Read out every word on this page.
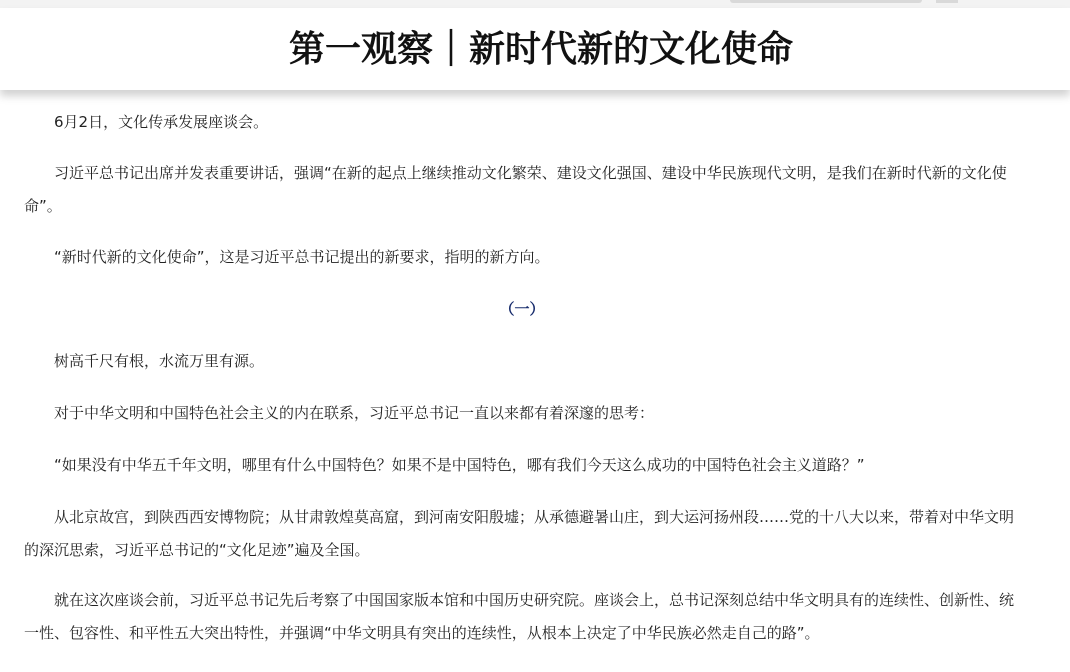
第一观察｜新时代新的文化使命

6月2日，文化传承发展座谈会。

习近平总书记出席并发表重要讲话，强调“在新的起点上继续推动文化繁荣、建设文化强国、建设中华民族现代文明，是我们在新时代新的文化使命”。

“新时代新的文化使命”，这是习近平总书记提出的新要求，指明的新方向。

（一）

树高千尺有根，水流万里有源。

对于中华文明和中国特色社会主义的内在联系，习近平总书记一直以来都有着深邃的思考：

“如果没有中华五千年文明，哪里有什么中国特色？如果不是中国特色，哪有我们今天这么成功的中国特色社会主义道路？”

从北京故宫，到陕西西安博物院；从甘肃敦煌莫高窟，到河南安阳殷墟；从承德避暑山庄，到大运河扬州段……党的十八大以来，带着对中华文明的深沉思索，习近平总书记的“文化足迹”遍及全国。

就在这次座谈会前，习近平总书记先后考察了中国国家版本馆和中国历史研究院。座谈会上，总书记深刻总结中华文明具有的连续性、创新性、统一性、包容性、和平性五大突出特性，并强调“中华文明具有突出的连续性，从根本上决定了中华民族必然走自己的路”。
